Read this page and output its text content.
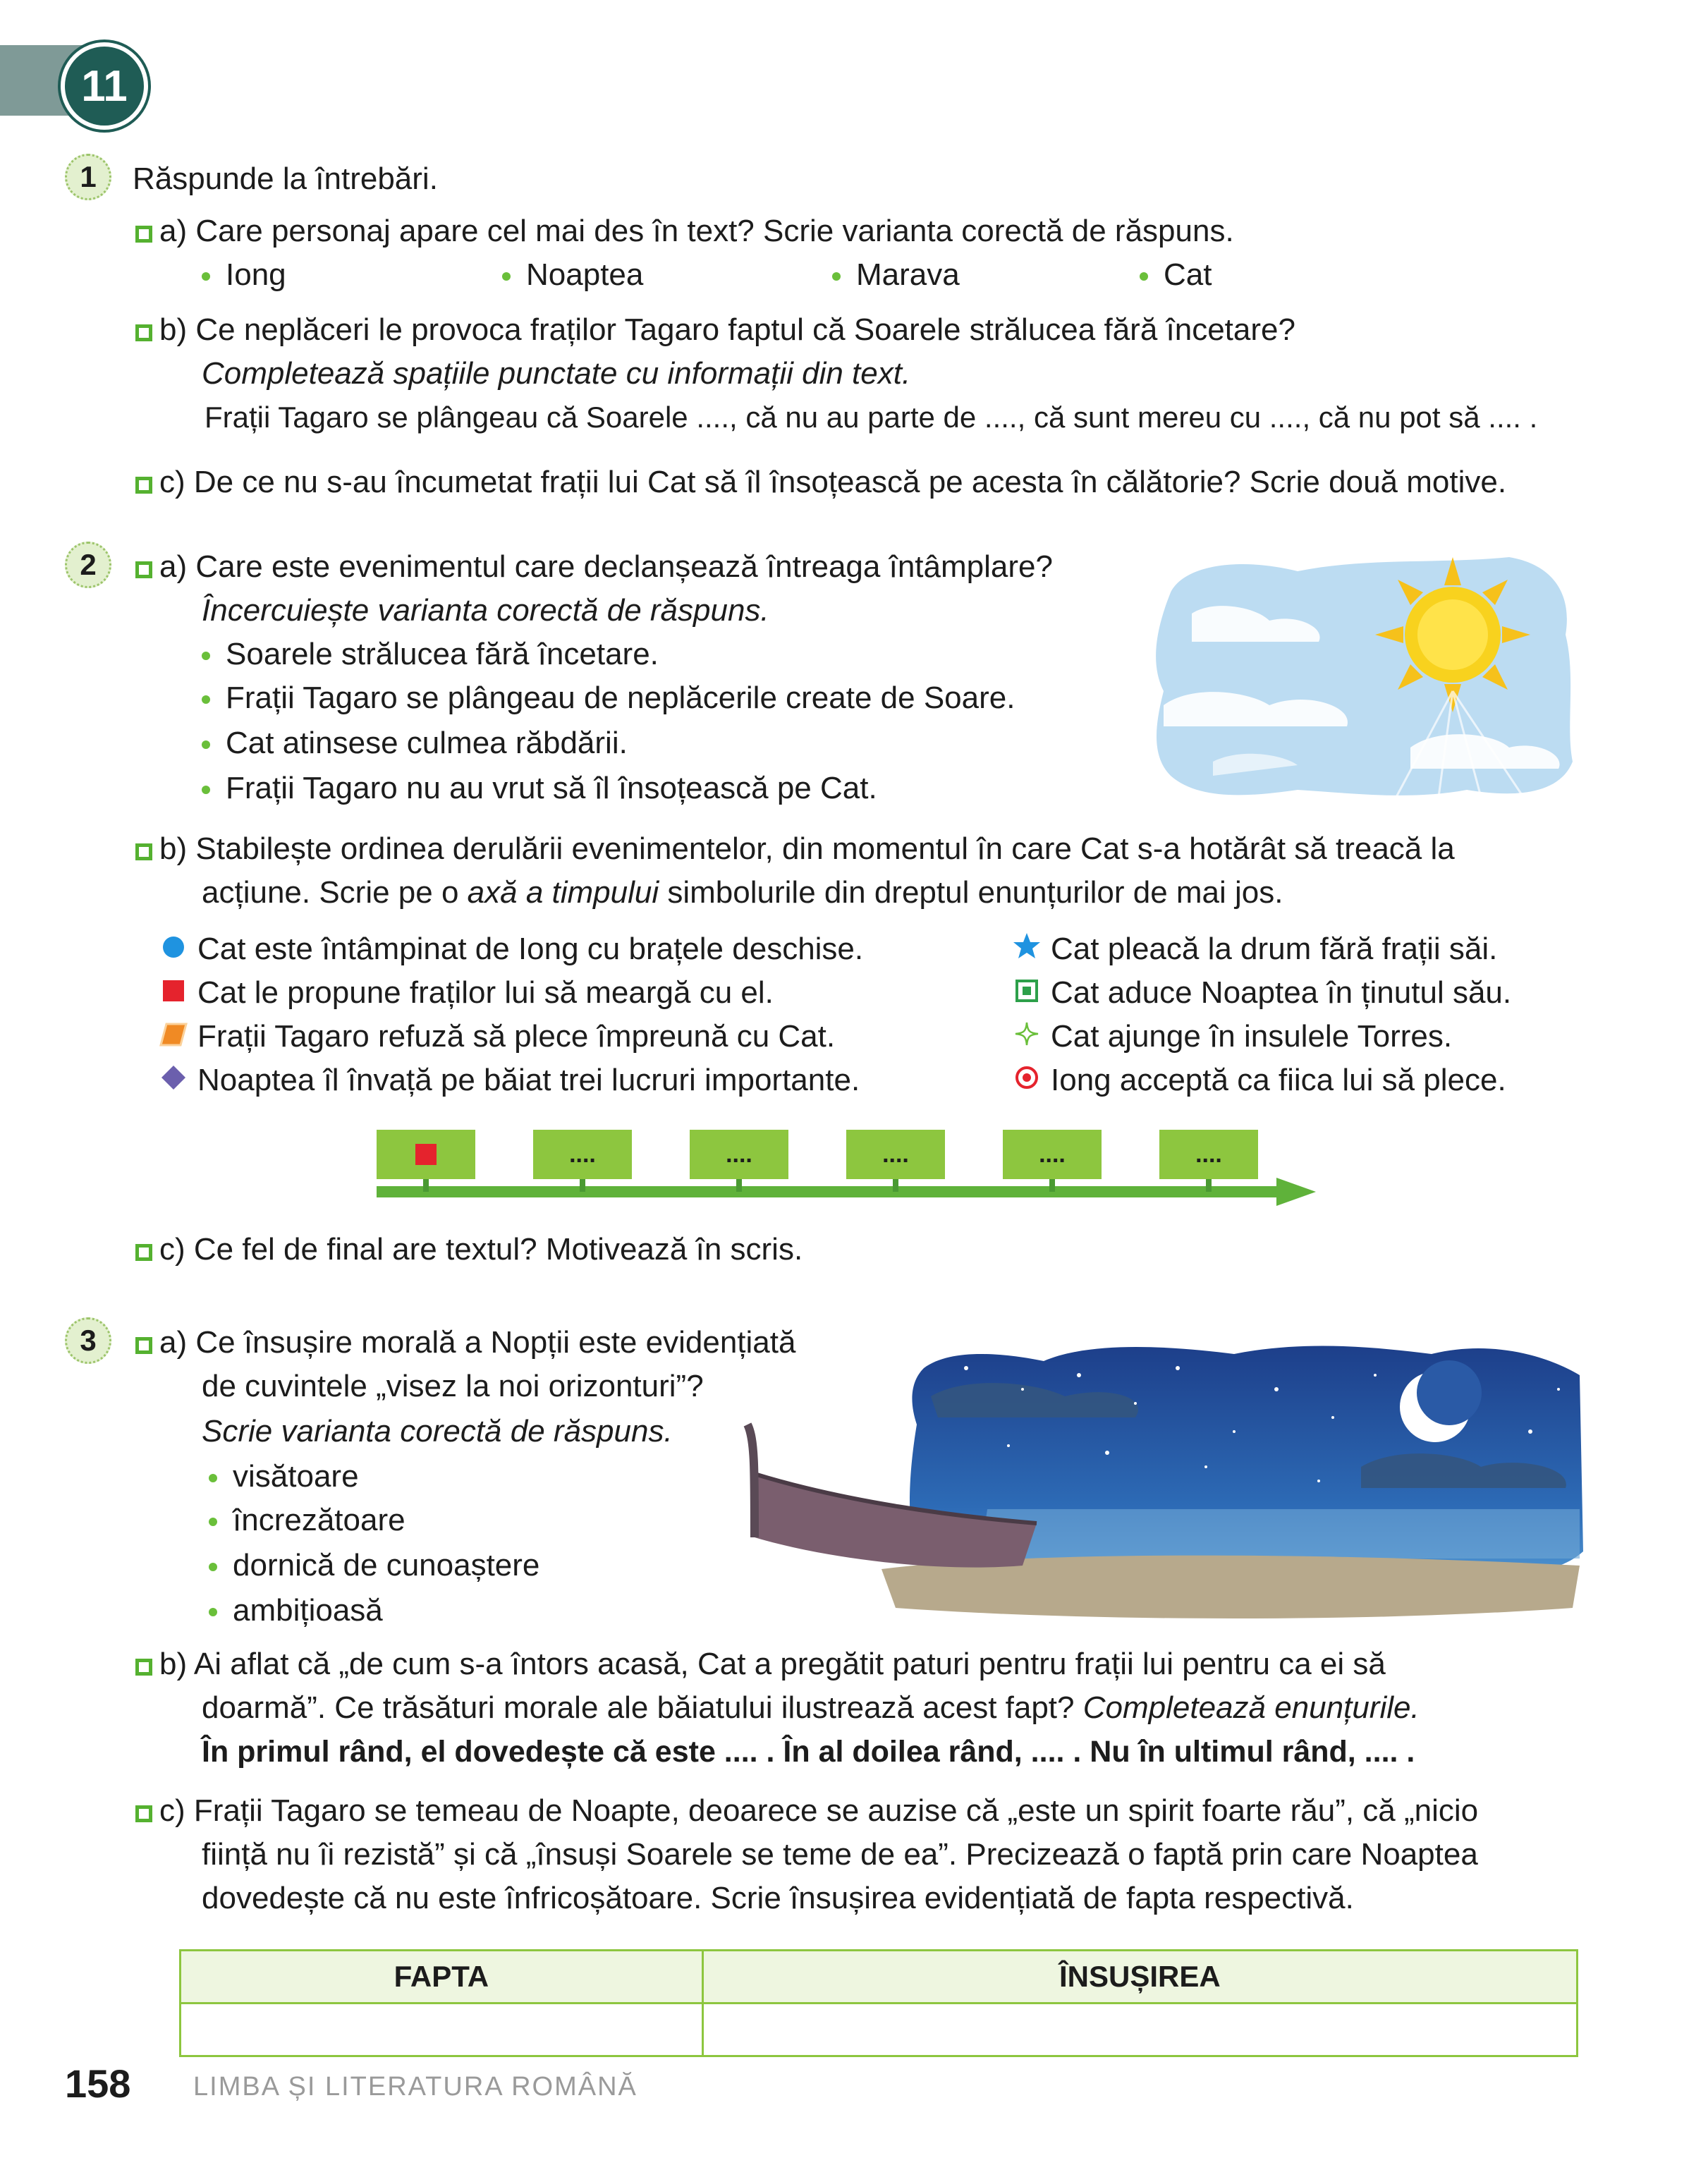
11
1	Răspunde la întrebări.
a) Care personaj apare cel mai des în text? Scrie varianta corectă de răspuns.
Iong	Noaptea	Marava	Cat
b) Ce neplăceri le provoca fraților Tagaro faptul că Soarele strălucea fără încetare?
Completează spațiile punctate cu informații din text.
Frații Tagaro se plângeau că Soarele ...., că nu au parte de ...., că sunt mereu cu ...., că nu pot să .... .
c) De ce nu s-au încumetat frații lui Cat să îl însoțească pe acesta în călătorie? Scrie două motive.
2	a) Care este evenimentul care declanșează întreaga întâmplare?
Încercuiește varianta corectă de răspuns.
Soarele strălucea fără încetare.
Frații Tagaro se plângeau de neplăcerile create de Soare.
Cat atinsese culmea răbdării.
Frații Tagaro nu au vrut să îl însoțească pe Cat.
b) Stabilește ordinea derulării evenimentelor, din momentul în care Cat s-a hotărât să treacă la
acțiune. Scrie pe o axă a timpului simbolurile din dreptul enunțurilor de mai jos.
Cat este întâmpinat de Iong cu brațele deschise.
Cat le propune fraților lui să meargă cu el.
Frații Tagaro refuză să plece împreună cu Cat.
Noaptea îl învață pe băiat trei lucruri importante.
Cat pleacă la drum fără frații săi.
Cat aduce Noaptea în ținutul său.
Cat ajunge în insulele Torres.
Iong acceptă ca fiica lui să plece.
....	....	....	....	....
c) Ce fel de final are textul? Motivează în scris.
3	a) Ce însușire morală a Nopții este evidențiată
de cuvintele „visez la noi orizonturi”?
Scrie varianta corectă de răspuns.
visătoare
încrezătoare
dornică de cunoaștere
ambițioasă
b) Ai aflat că „de cum s-a întors acasă, Cat a pregătit paturi pentru frații lui pentru ca ei să
doarmă”. Ce trăsături morale ale băiatului ilustrează acest fapt? Completează enunțurile.
În primul rând, el dovedește că este .... . În al doilea rând, .... . Nu în ultimul rând, .... .
c) Frații Tagaro se temeau de Noapte, deoarece se auzise că „este un spirit foarte rău”, că „nicio
ființă nu îi rezistă” și că „însuși Soarele se teme de ea”. Precizează o faptă prin care Noaptea
dovedește că nu este înfricoșătoare. Scrie însușirea evidențiată de fapta respectivă.
FAPTA	ÎNSUȘIREA

158 LIMBA ȘI LITERATURA ROMÂNĂ
